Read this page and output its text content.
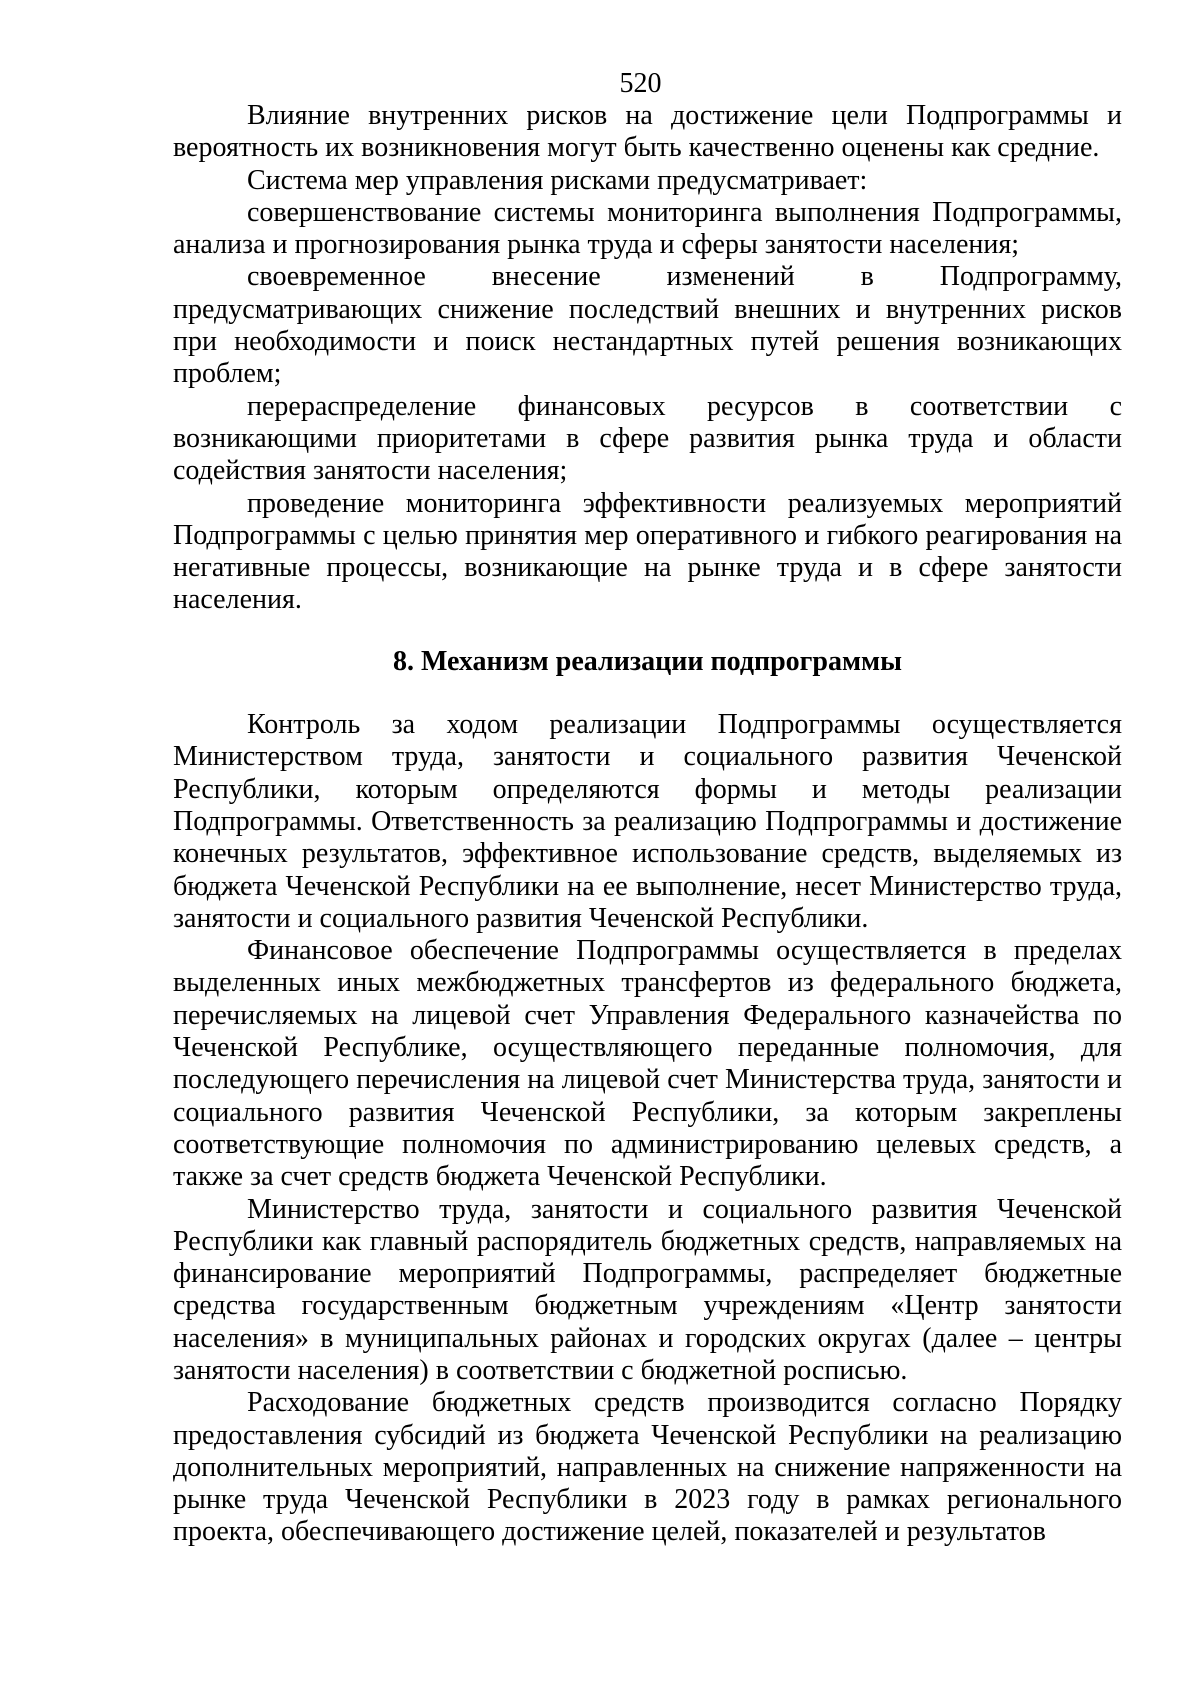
520

Влияние внутренних рисков на достижение цели Подпрограммы и вероятность их возникновения могут быть качественно оценены как средние.

Система мер управления рисками предусматривает:

совершенствование системы мониторинга выполнения Подпрограммы, анализа и прогнозирования рынка труда и сферы занятости населения;

своевременное внесение изменений в Подпрограмму, предусматривающих снижение последствий внешних и внутренних рисков при необходимости и поиск нестандартных путей решения возникающих проблем;

перераспределение финансовых ресурсов в соответствии с возникающими приоритетами в сфере развития рынка труда и области содействия занятости населения;

проведение мониторинга эффективности реализуемых мероприятий Подпрограммы с целью принятия мер оперативного и гибкого реагирования на негативные процессы, возникающие на рынке труда и в сфере занятости населения.

8. Механизм реализации подпрограммы

Контроль за ходом реализации Подпрограммы осуществляется Министерством труда, занятости и социального развития Чеченской Республики, которым определяются формы и методы реализации Подпрограммы. Ответственность за реализацию Подпрограммы и достижение конечных результатов, эффективное использование средств, выделяемых из бюджета Чеченской Республики на ее выполнение, несет Министерство труда, занятости и социального развития Чеченской Республики.

Финансовое обеспечение Подпрограммы осуществляется в пределах выделенных иных межбюджетных трансфертов из федерального бюджета, перечисляемых на лицевой счет Управления Федерального казначейства по Чеченской Республике, осуществляющего переданные полномочия, для последующего перечисления на лицевой счет Министерства труда, занятости и социального развития Чеченской Республики, за которым закреплены соответствующие полномочия по администрированию целевых средств, а также за счет средств бюджета Чеченской Республики.

Министерство труда, занятости и социального развития Чеченской Республики как главный распорядитель бюджетных средств, направляемых на финансирование мероприятий Подпрограммы, распределяет бюджетные средства государственным бюджетным учреждениям «Центр занятости населения» в муниципальных районах и городских округах (далее – центры занятости населения) в соответствии с бюджетной росписью.

Расходование бюджетных средств производится согласно Порядку предоставления субсидий из бюджета Чеченской Республики на реализацию дополнительных мероприятий, направленных на снижение напряженности на рынке труда Чеченской Республики в 2023 году в рамках регионального проекта, обеспечивающего достижение целей, показателей и результатов
